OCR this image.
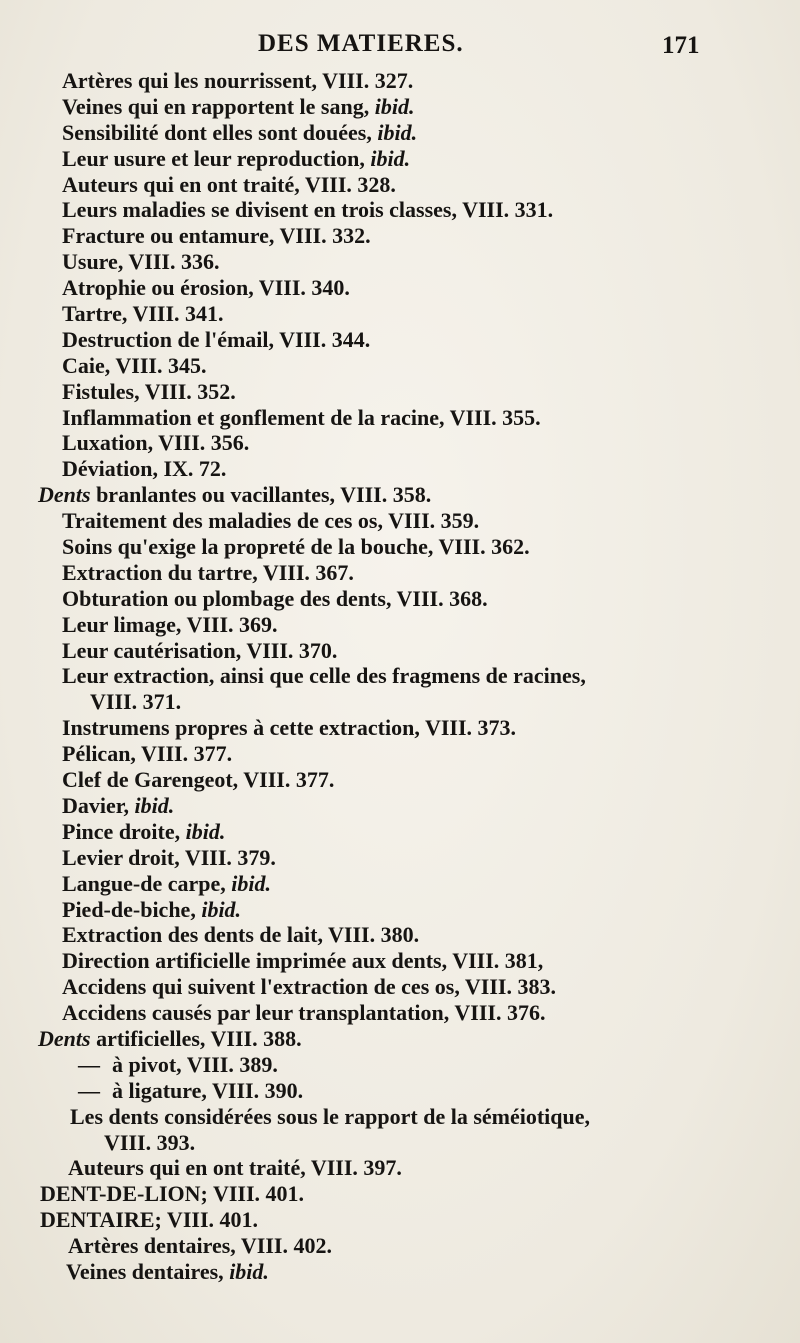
DES MATIERES.	171
Artères qui les nourrissent, VIII. 327.
Veines qui en rapportent le sang, ibid.
Sensibilité dont elles sont douées, ibid.
Leur usure et leur reproduction, ibid.
Auteurs qui en ont traité, VIII. 328.
Leurs maladies se divisent en trois classes, VIII. 331.
Fracture ou entamure, VIII. 332.
Usure, VIII. 336.
Atrophie ou érosion, VIII. 340.
Tartre, VIII. 341.
Destruction de l'émail, VIII. 344.
Caie, VIII. 345.
Fistules, VIII. 352.
Inflammation et gonflement de la racine, VIII. 355.
Luxation, VIII. 356.
Déviation, IX. 72.
Dents branlantes ou vacillantes, VIII. 358.
Traitement des maladies de ces os, VIII. 359.
Soins qu'exige la propreté de la bouche, VIII. 362.
Extraction du tartre, VIII. 367.
Obturation ou plombage des dents, VIII. 368.
Leur limage, VIII. 369.
Leur cautérisation, VIII. 370.
Leur extraction, ainsi que celle des fragmens de racines,
VIII. 371.
Instrumens propres à cette extraction, VIII. 373.
Pélican, VIII. 377.
Clef de Garengeot, VIII. 377.
Davier, ibid.
Pince droite, ibid.
Levier droit, VIII. 379.
Langue-de carpe, ibid.
Pied-de-biche, ibid.
Extraction des dents de lait, VIII. 380.
Direction artificielle imprimée aux dents, VIII. 381,
Accidens qui suivent l'extraction de ces os, VIII. 383.
Accidens causés par leur transplantation, VIII. 376.
Dents artificielles, VIII. 388.
— à pivot, VIII. 389.
— à ligature, VIII. 390.
Les dents considérées sous le rapport de la séméiotique,
VIII. 393.
Auteurs qui en ont traité, VIII. 397.
DENT-DE-LION; VIII. 401.
DENTAIRE; VIII. 401.
Artères dentaires, VIII. 402.
Veines dentaires, ibid.
